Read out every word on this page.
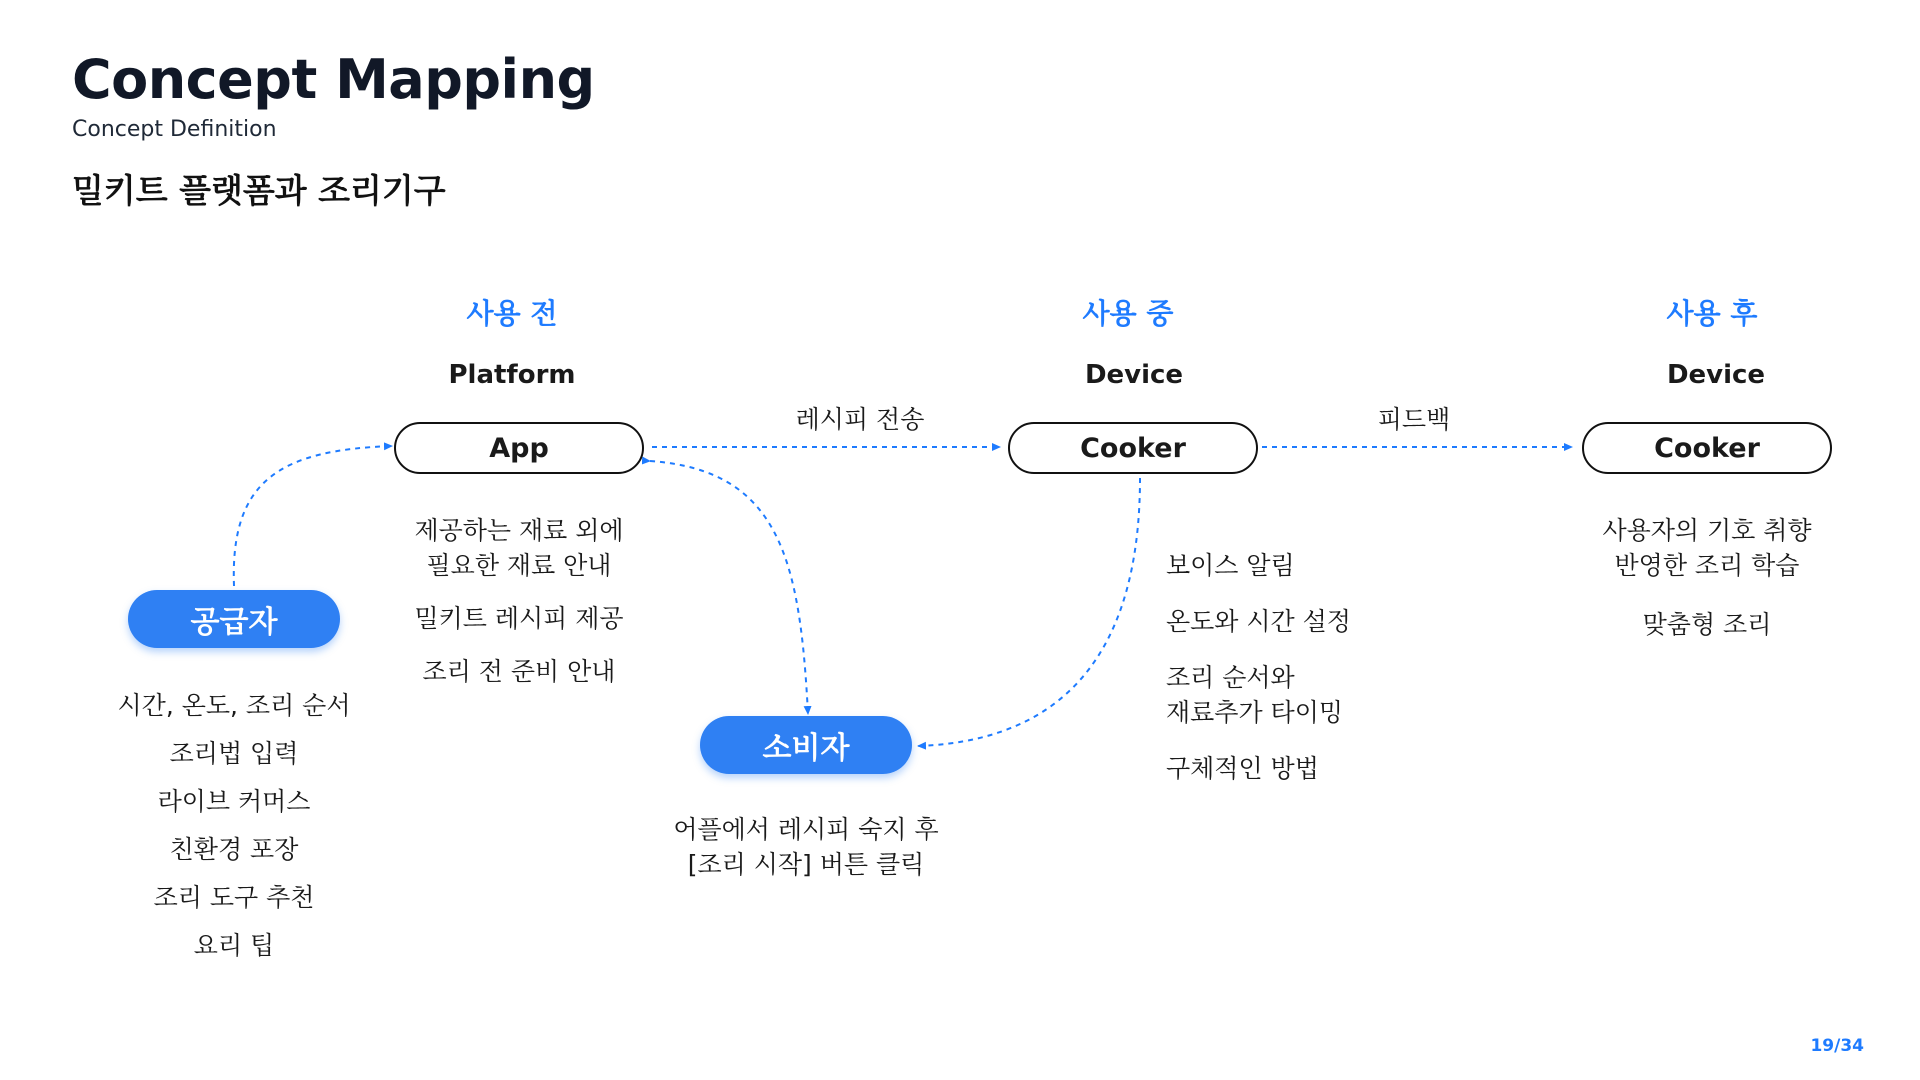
Concept Mapping
Concept Definition
밀키트 플랫폼과 조리기구
사용 전	사용 중	사용 후
Platform	Device	Device
레시피 전송	피드백
App	Cooker	Cooker
제공하는 재료 외에
필요한 재료 안내
밀키트 레시피 제공
조리 전 준비 안내
공급자
시간, 온도, 조리 순서
조리법 입력
라이브 커머스
친환경 포장
조리 도구 추천
요리 팁
소비자
어플에서 레시피 숙지 후
[조리 시작] 버튼 클릭
보이스 알림
온도와 시간 설정
조리 순서와
재료추가 타이밍
구체적인 방법
사용자의 기호 취향
반영한 조리 학습
맞춤형 조리
19/34
